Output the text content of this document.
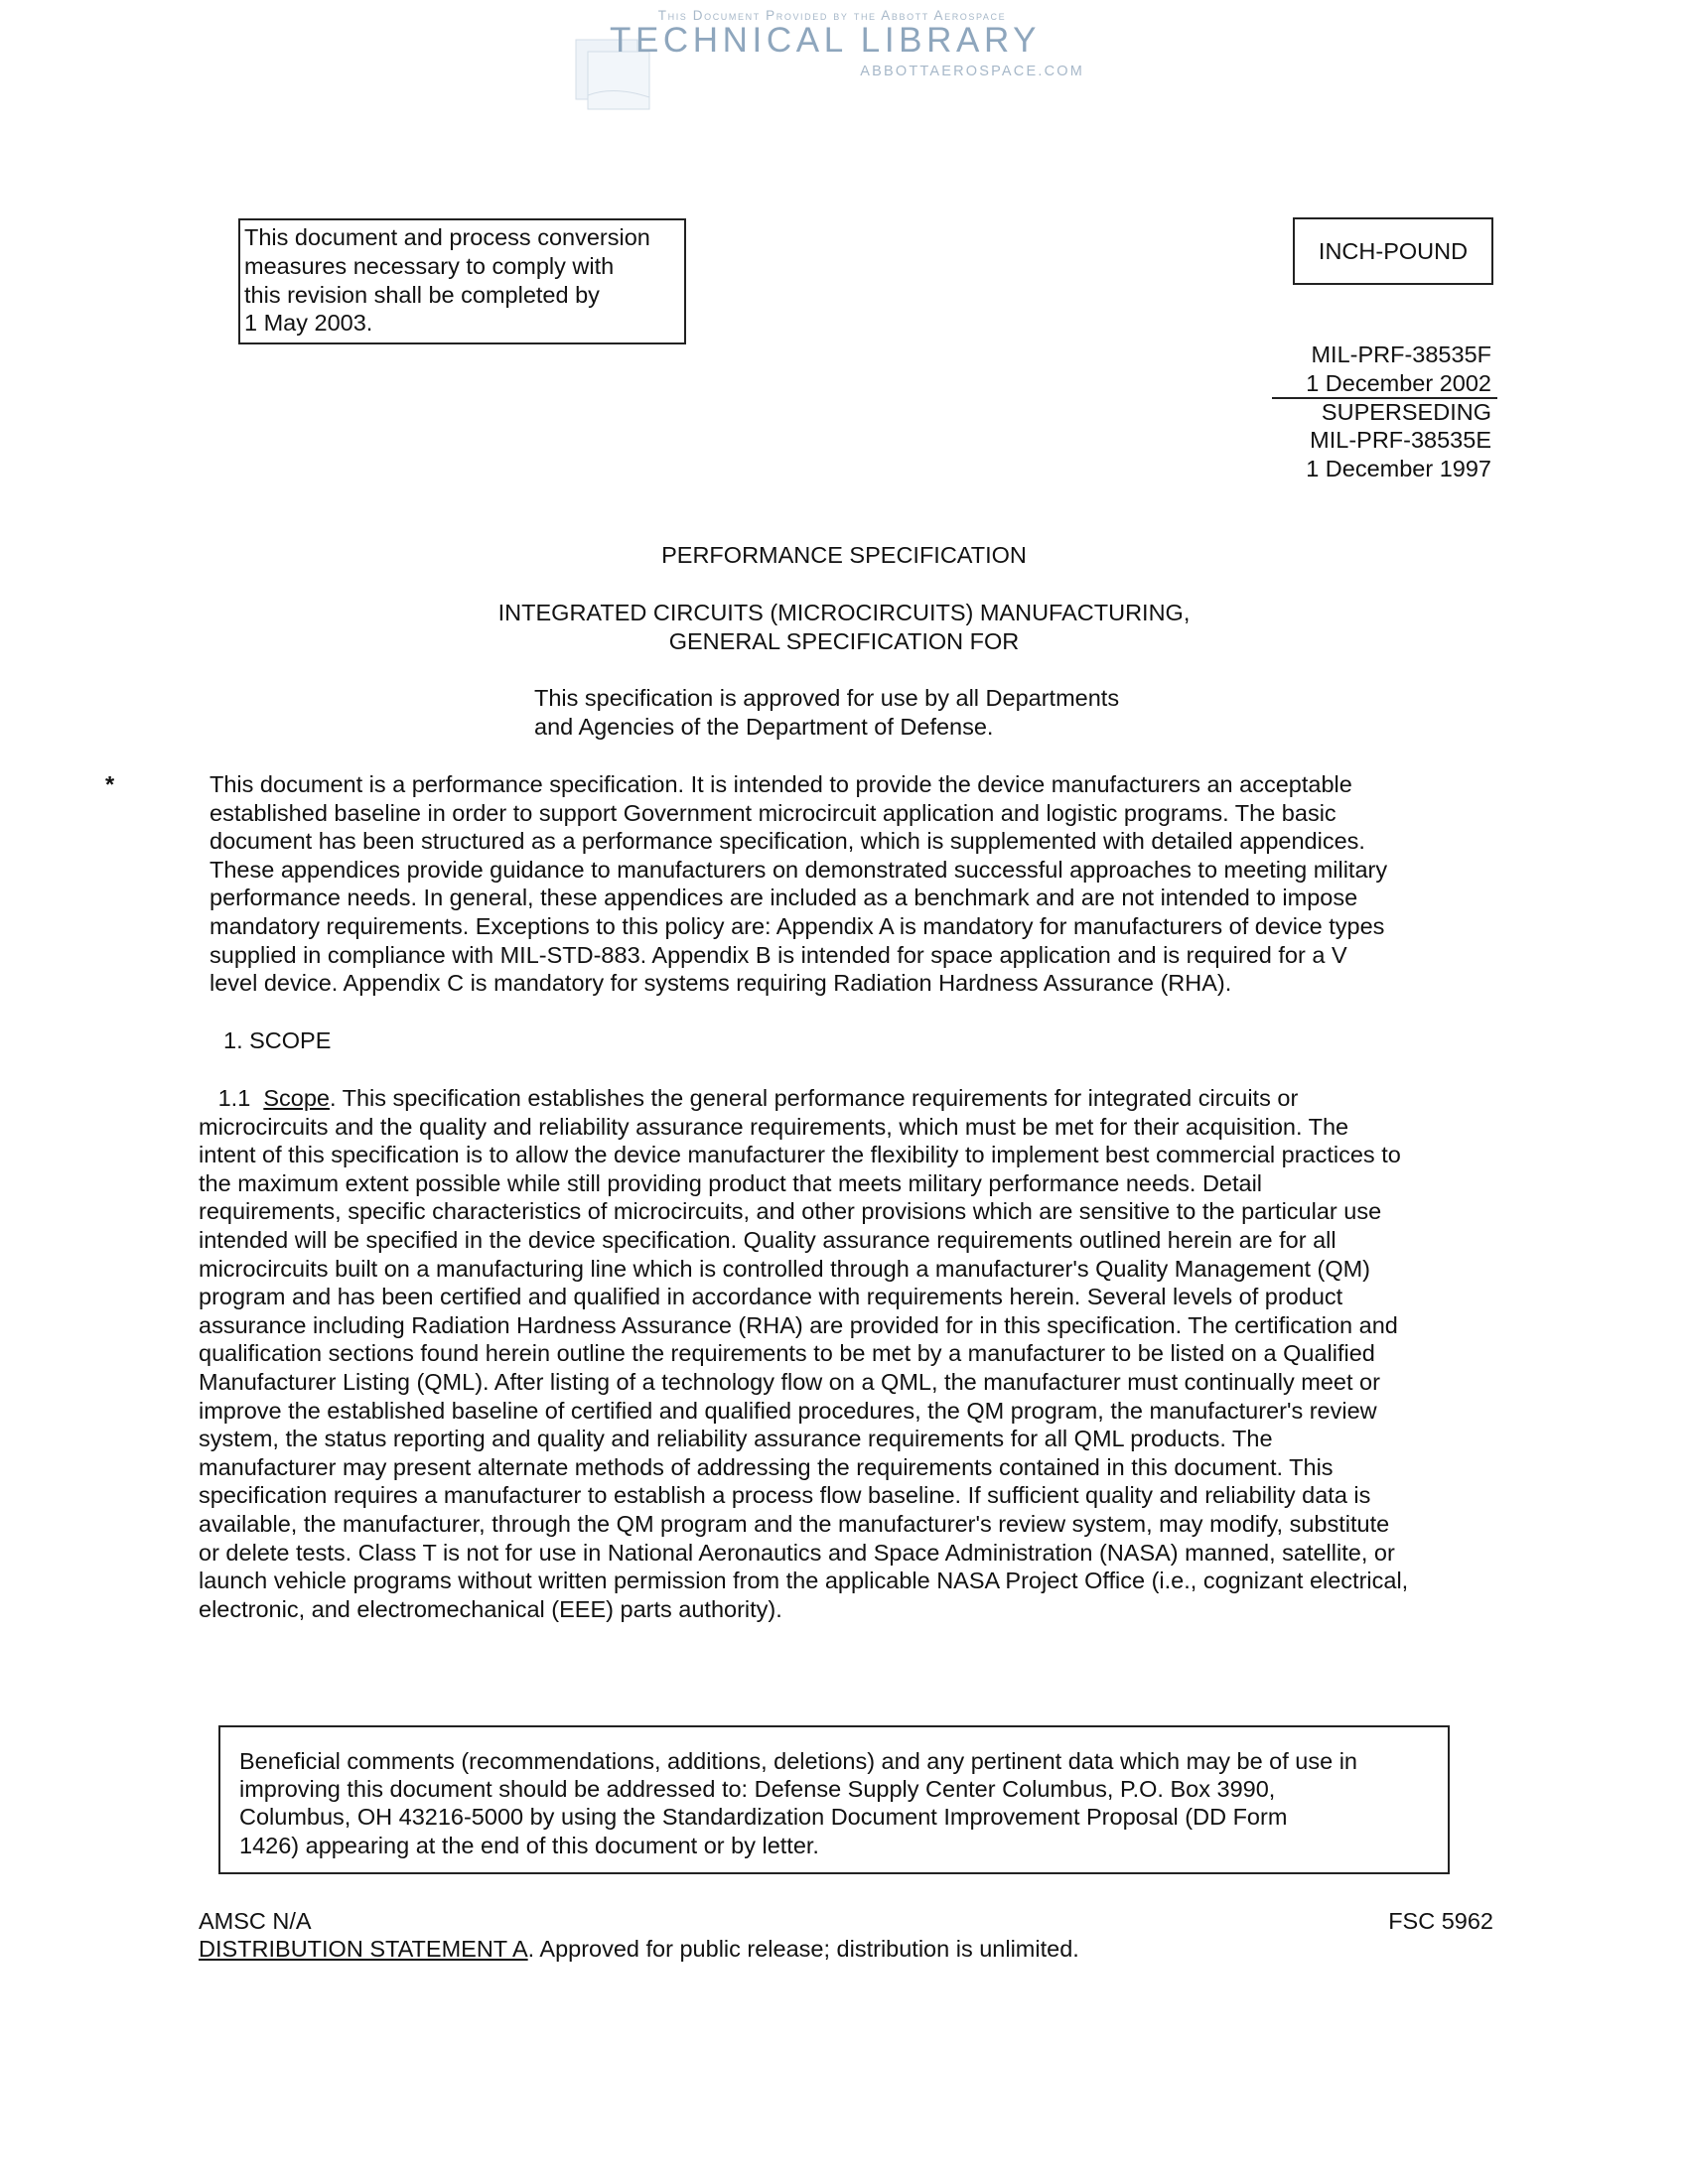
This Document Provided by the Abbott Aerospace
TECHNICAL LIBRARY
ABBOTTAEROSPACE.COM
This document and process conversion
measures necessary to comply with
this revision shall be completed by
1 May 2003.
INCH-POUND
MIL-PRF-38535F
1 December 2002
SUPERSEDING
MIL-PRF-38535E
1 December 1997
PERFORMANCE SPECIFICATION
INTEGRATED CIRCUITS (MICROCIRCUITS) MANUFACTURING,
GENERAL SPECIFICATION FOR
This specification is approved for use by all Departments
and Agencies of the Department of Defense.
*	This document is a performance specification. It is intended to provide the device manufacturers an acceptable
established baseline in order to support Government microcircuit application and logistic programs. The basic
document has been structured as a performance specification, which is supplemented with detailed appendices.
These appendices provide guidance to manufacturers on demonstrated successful approaches to meeting military
performance needs. In general, these appendices are included as a benchmark and are not intended to impose
mandatory requirements. Exceptions to this policy are: Appendix A is mandatory for manufacturers of device types
supplied in compliance with MIL-STD-883. Appendix B is intended for space application and is required for a V
level device. Appendix C is mandatory for systems requiring Radiation Hardness Assurance (RHA).
1. SCOPE
1.1 Scope. This specification establishes the general performance requirements for integrated circuits or
microcircuits and the quality and reliability assurance requirements, which must be met for their acquisition. The
intent of this specification is to allow the device manufacturer the flexibility to implement best commercial practices to
the maximum extent possible while still providing product that meets military performance needs. Detail
requirements, specific characteristics of microcircuits, and other provisions which are sensitive to the particular use
intended will be specified in the device specification. Quality assurance requirements outlined herein are for all
microcircuits built on a manufacturing line which is controlled through a manufacturer's Quality Management (QM)
program and has been certified and qualified in accordance with requirements herein. Several levels of product
assurance including Radiation Hardness Assurance (RHA) are provided for in this specification. The certification and
qualification sections found herein outline the requirements to be met by a manufacturer to be listed on a Qualified
Manufacturer Listing (QML). After listing of a technology flow on a QML, the manufacturer must continually meet or
improve the established baseline of certified and qualified procedures, the QM program, the manufacturer's review
system, the status reporting and quality and reliability assurance requirements for all QML products. The
manufacturer may present alternate methods of addressing the requirements contained in this document. This
specification requires a manufacturer to establish a process flow baseline. If sufficient quality and reliability data is
available, the manufacturer, through the QM program and the manufacturer's review system, may modify, substitute
or delete tests. Class T is not for use in National Aeronautics and Space Administration (NASA) manned, satellite, or
launch vehicle programs without written permission from the applicable NASA Project Office (i.e., cognizant electrical,
electronic, and electromechanical (EEE) parts authority).
Beneficial comments (recommendations, additions, deletions) and any pertinent data which may be of use in
improving this document should be addressed to: Defense Supply Center Columbus, P.O. Box 3990,
Columbus, OH 43216-5000 by using the Standardization Document Improvement Proposal (DD Form
1426) appearing at the end of this document or by letter.
AMSC N/A	FSC 5962
DISTRIBUTION STATEMENT A. Approved for public release; distribution is unlimited.
